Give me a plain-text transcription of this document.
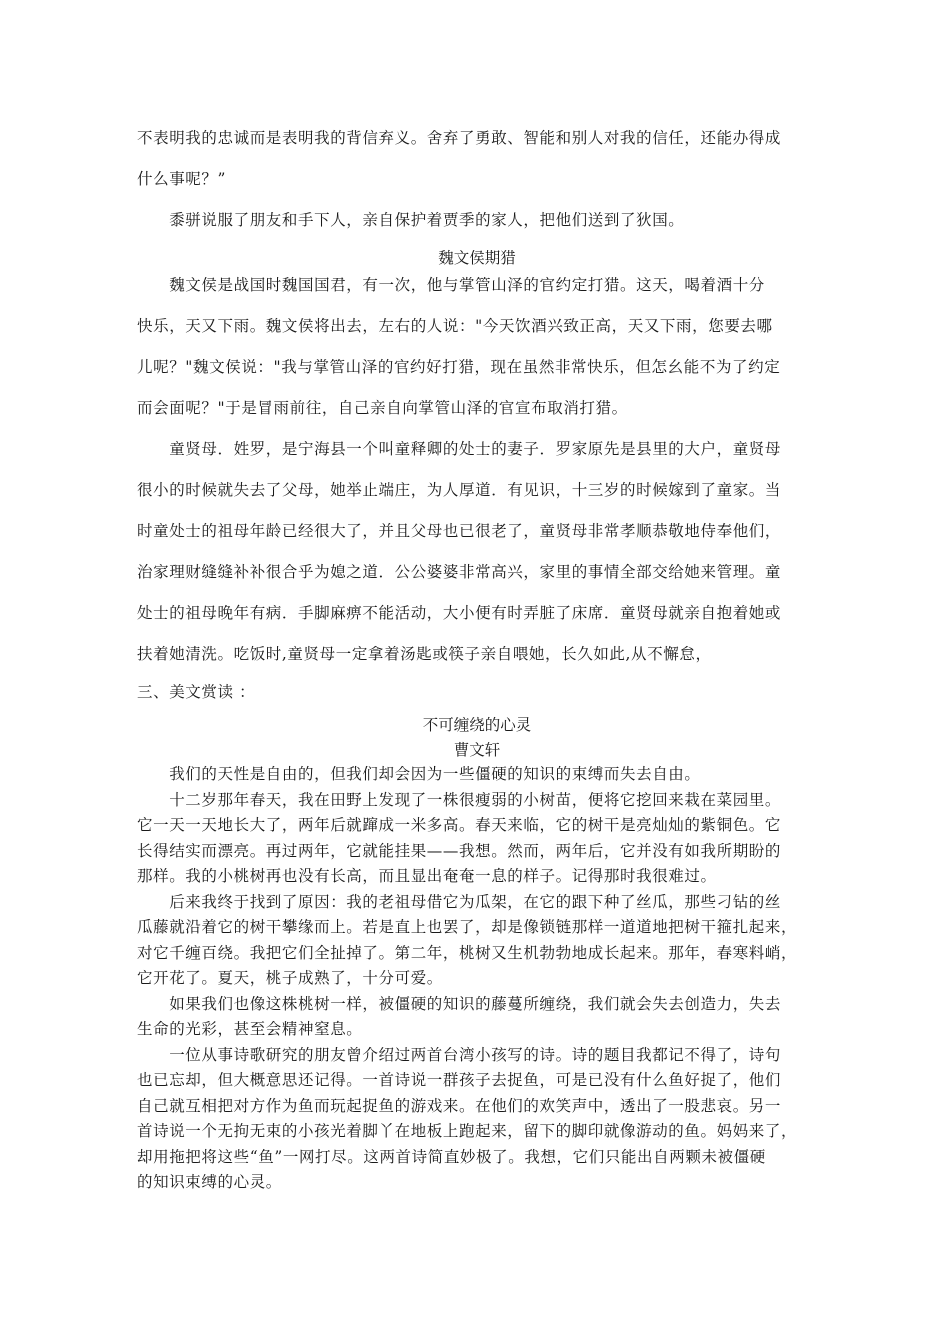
不表明我的忠诚而是表明我的背信弃义。舍弃了勇敢、智能和别人对我的信任，还能办得成
什么事呢？”
　　黍骈说服了朋友和手下人，亲自保护着贾季的家人，把他们送到了狄国。
魏文侯期猎
　　魏文侯是战国时魏国国君，有一次，他与掌管山泽的官约定打猎。这天，喝着酒十分
快乐，天又下雨。魏文侯将出去，左右的人说："今天饮酒兴致正高，天又下雨，您要去哪
儿呢？"魏文侯说："我与掌管山泽的官约好打猎，现在虽然非常快乐，但怎幺能不为了约定
而会面呢？"于是冒雨前往，自己亲自向掌管山泽的官宣布取消打猎。
　　童贤母．姓罗，是宁海县一个叫童释卿的处士的妻子．罗家原先是县里的大户，童贤母
很小的时候就失去了父母，她举止端庄，为人厚道．有见识，十三岁的时候嫁到了童家。当
时童处士的祖母年龄已经很大了，并且父母也已很老了，童贤母非常孝顺恭敬地侍奉他们，
治家理财缝缝补补很合乎为媳之道．公公婆婆非常高兴，家里的事情全部交给她来管理。童
处士的祖母晚年有病．手脚麻痹不能活动，大小便有时弄脏了床席．童贤母就亲自抱着她或
扶着她清洗。吃饭时,童贤母一定拿着汤匙或筷子亲自喂她，长久如此,从不懈怠，
三、美文赏读 ：
不可缠绕的心灵
曹文轩
　　我们的天性是自由的，但我们却会因为一些僵硬的知识的束缚而失去自由。
　　十二岁那年春天，我在田野上发现了一株很瘦弱的小树苗，便将它挖回来栽在菜园里。
它一天一天地长大了，两年后就蹿成一米多高。春天来临，它的树干是亮灿灿的紫铜色。它
长得结实而漂亮。再过两年，它就能挂果——我想。然而，两年后，它并没有如我所期盼的
那样。我的小桃树再也没有长高，而且显出奄奄一息的样子。记得那时我很难过。
　　后来我终于找到了原因：我的老祖母借它为瓜架，在它的跟下种了丝瓜，那些刁钻的丝
瓜藤就沿着它的树干攀缘而上。若是直上也罢了，却是像锁链那样一道道地把树干箍扎起来，
对它千缠百绕。我把它们全扯掉了。第二年，桃树又生机勃勃地成长起来。那年，春寒料峭，
它开花了。夏天，桃子成熟了，十分可爱。
　　如果我们也像这株桃树一样，被僵硬的知识的藤蔓所缠绕，我们就会失去创造力，失去
生命的光彩，甚至会精神窒息。
　　一位从事诗歌研究的朋友曾介绍过两首台湾小孩写的诗。诗的题目我都记不得了，诗句
也已忘却，但大概意思还记得。一首诗说一群孩子去捉鱼，可是已没有什么鱼好捉了，他们
自己就互相把对方作为鱼而玩起捉鱼的游戏来。在他们的欢笑声中，透出了一股悲哀。另一
首诗说一个无拘无束的小孩光着脚丫在地板上跑起来，留下的脚印就像游动的鱼。妈妈来了，
却用拖把将这些“鱼”一网打尽。这两首诗简直妙极了。我想，它们只能出自两颗未被僵硬
的知识束缚的心灵。
